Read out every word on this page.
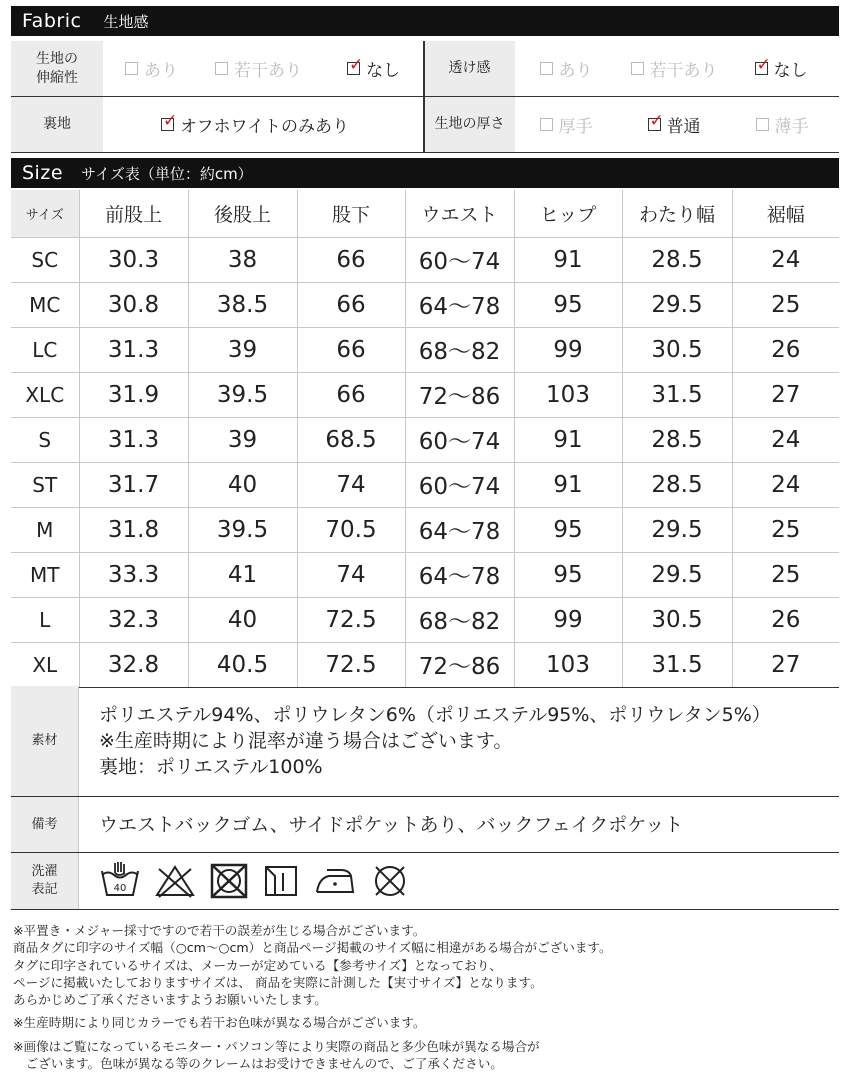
Fabric 生地感
生地の
伸縮性	あり	若干あり	✓ なし	透け感	あり	若干あり ✓ なし
裏地	✓ オフホワイトのみあり	生地の厚さ	厚手	✓ 普通	薄手
Size サイズ表（単位：約cm）
サイズ	前股上	後股上	股下	ウエスト	ヒップ	わたり幅	裾幅
SC	30.3	38	66	60〜74	91	28.5	24
MC	30.8	38.5	66	64〜78	95	29.5	25
LC	31.3	39	66	68〜82	99	30.5	26
XLC	31.9	39.5	66	72〜86	103	31.5	27
S	31.3	39	68.5	60〜74	91	28.5	24
ST	31.7	40	74	60〜74	91	28.5	24
M	31.8	39.5	70.5	64〜78	95	29.5	25
MT	33.3	41	74	64〜78	95	29.5	25
L	32.3	40	72.5	68〜82	99	30.5	26
XL	32.8	40.5	72.5	72〜86	103	31.5	27
素材
ポリエステル94%、ポリウレタン6%（ポリエステル95%、ポリウレタン5%）
※生産時期により混率が違う場合はございます。
裏地：ポリエステル100%
備考	ウエストバックゴム、サイドポケットあり、バックフェイクポケット
洗濯
表記	40

※平置き・メジャー採寸ですので若干の誤差が生じる場合がございます。

商品タグに印字のサイズ幅（○cm〜○cm）と商品ページ掲載のサイズ幅に相違がある場合がございます。

タグに印字されているサイズは、メーカーが定めている【参考サイズ】となっており、

ページに掲載いたしておりますサイズは、 商品を実際に計測した【実寸サイズ】となります。

あらかじめご了承くださいますようお願いいたします。

※生産時期により同じカラーでも若干お色味が異なる場合がございます。

※画像はご覧になっているモニター・パソコン等により実際の商品と多少色味が異なる場合が

　ございます。色味が異なる等のクレームはお受けできませんので、ご了承ください。
